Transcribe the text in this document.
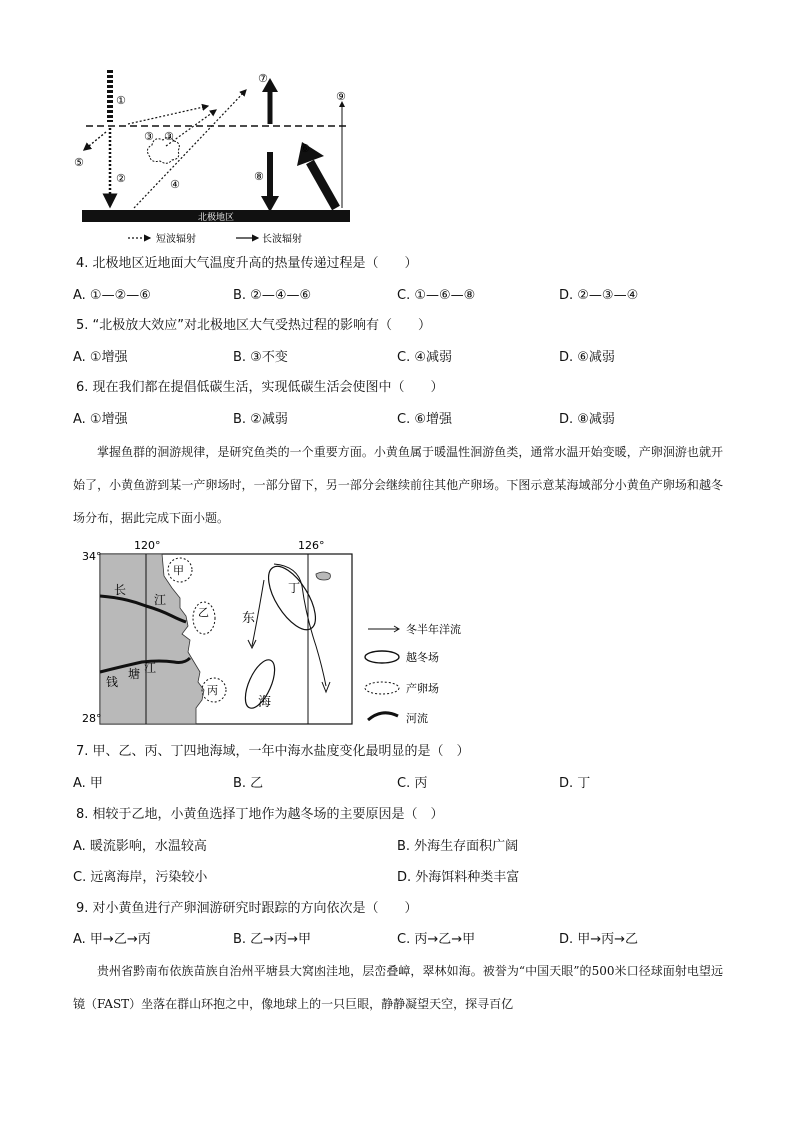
北极地区
①
②
⑤
③ ③
④
⑦
⑧
⑥
⑨
短波辐射	长波辐射
4. 北极地区近地面大气温度升高的热量传递过程是（　　）
A. ①—②—⑥	B. ②—④—⑥	C. ①—⑥—⑧	D. ②—③—④
5. “北极放大效应”对北极地区大气受热过程的影响有（　　）
A. ①增强	B. ③不变	C. ④减弱	D. ⑥减弱
6. 现在我们都在提倡低碳生活，实现低碳生活会使图中（　　）
A. ①增强	B. ②减弱	C. ⑥增强	D. ⑧减弱

掌握鱼群的洄游规律，是研究鱼类的一个重要方面。小黄鱼属于暖温性洄游鱼类，通常水温开始变暖，产卵洄游也就开始了，小黄鱼游到某一产卵场时，一部分留下，另一部分会继续前往其他产卵场。下图示意某海域部分小黄鱼产卵场和越冬场分布，据此完成下面小题。

34°
28°
120°	126°
甲
乙
丙
丁
长
江
钱
塘 江
东
海
冬半年洋流
越冬场
产卵场
河流
7. 甲、乙、丙、丁四地海域，一年中海水盐度变化最明显的是（　）
A. 甲	B. 乙	C. 丙	D. 丁
8. 相较于乙地，小黄鱼选择丁地作为越冬场的主要原因是（　）
A. 暖流影响，水温较高	B. 外海生存面积广阔
C. 远离海岸，污染较小	D. 外海饵料种类丰富
9. 对小黄鱼进行产卵洄游研究时跟踪的方向依次是（　　）
A. 甲→乙→丙	B. 乙→丙→甲	C. 丙→乙→甲	D. 甲→丙→乙

贵州省黔南布依族苗族自治州平塘县大窝凼洼地，层峦叠嶂，翠林如海。被誉为“中国天眼”的500米口径球面射电望远镜（FAST）坐落在群山环抱之中，像地球上的一只巨眼，静静凝望天空，探寻百亿
